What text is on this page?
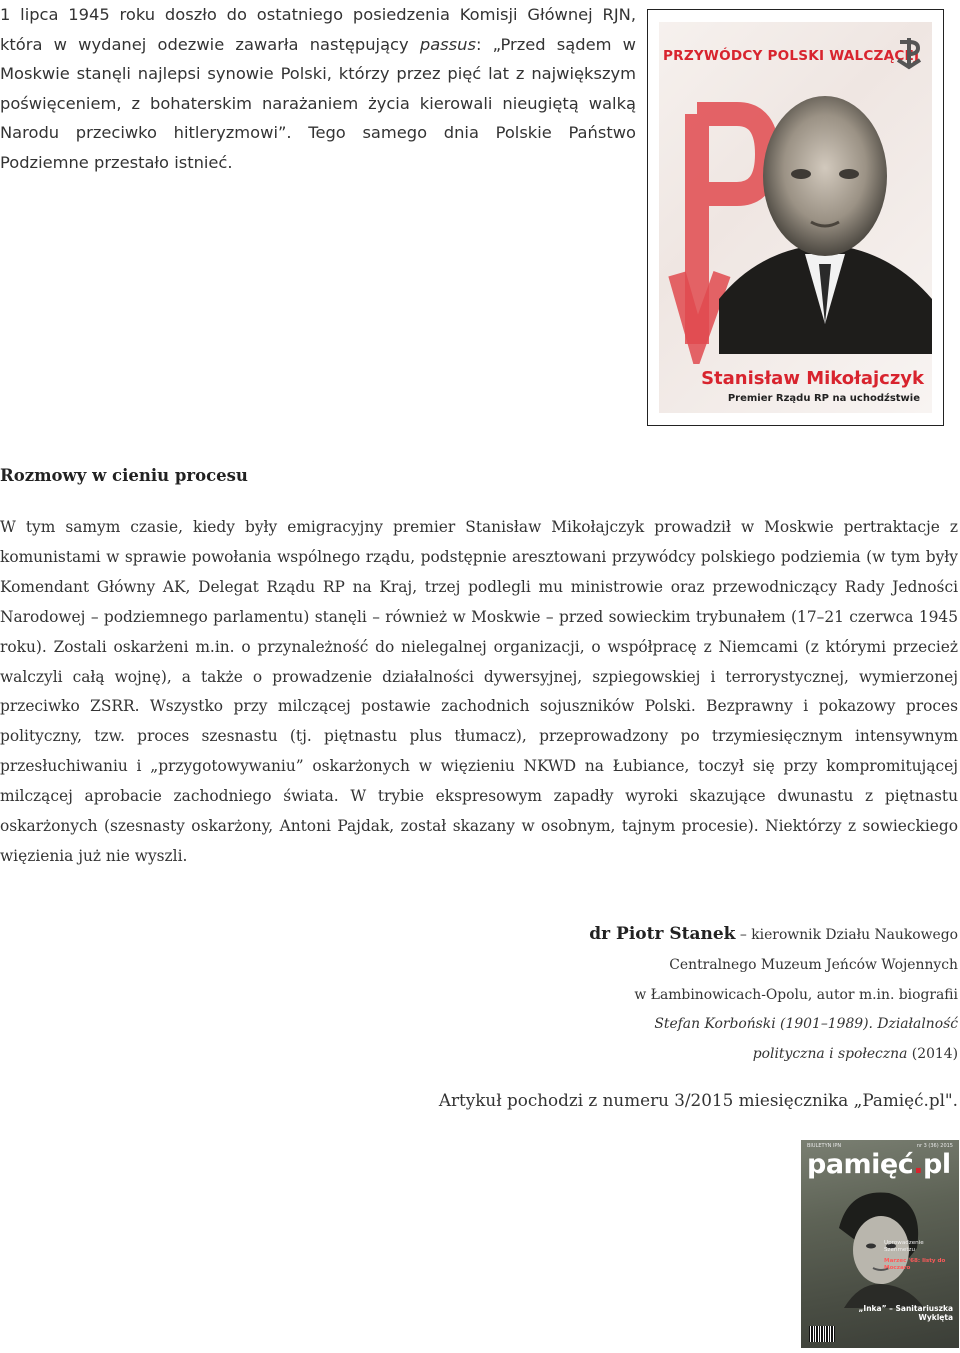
1 lipca 1945 roku doszło do ostatniego posiedzenia Komisji Głównej RJN, która w wydanej odezwie zawarła następujący passus: „Przed sądem w Moskwie stanęli najlepsi synowie Polski, którzy przez pięć lat z największym poświęceniem, z bohaterskim narażaniem życia kierowali nieugiętą walką Narodu przeciwko hitleryzmowi”. Tego samego dnia Polskie Państwo Podziemne przestało istnieć.

PRZYWÓDCY POLSKI WALCZĄCEJ
Stanisław Mikołajczyk
Premier Rządu RP na uchodźstwie
Rozmowy w cieniu procesu

W tym samym czasie, kiedy były emigracyjny premier Stanisław Mikołajczyk prowadził w Moskwie pertraktacje z komunistami w sprawie powołania wspólnego rządu, podstępnie aresztowani przywódcy polskiego podziemia (w tym były Komendant Główny AK, Delegat Rządu RP na Kraj, trzej podlegli mu ministrowie oraz przewodniczący Rady Jedności Narodowej – podziemnego parlamentu) stanęli – również w Moskwie – przed sowieckim trybunałem (17–21 czerwca 1945 roku). Zostali oskarżeni m.in. o przynależność do nielegalnej organizacji, o współpracę z Niemcami (z którymi przecież walczyli całą wojnę), a także o prowadzenie działalności dywersyjnej, szpiegowskiej i terrorystycznej, wymierzonej przeciwko ZSRR. Wszystko przy milczącej postawie zachodnich sojuszników Polski. Bezprawny i pokazowy proces polityczny, tzw. proces szesnastu (tj. piętnastu plus tłumacz), przeprowadzony po trzymiesięcznym intensywnym przesłuchiwaniu i „przygotowywaniu” oskarżonych w więzieniu NKWD na Łubiance, toczył się przy kompromitującej milczącej aprobacie zachodniego świata. W trybie ekspresowym zapadły wyroki skazujące dwunastu z piętnastu oskarżonych (szesnasty oskarżony, Antoni Pajdak, został skazany w osobnym, tajnym procesie). Niektórzy z sowieckiego więzienia już nie wyszli.

dr Piotr Stanek – kierownik Działu Naukowego
Centralnego Muzeum Jeńców Wojennych
w Łambinowicach-Opolu, autor m.in. biografii
Stefan Korboński (1901–1989). Działalność
polityczna i społeczna (2014)
Artykuł pochodzi z numeru 3/2015 miesięcznika „Pamięć.pl".
BIULETYN IPN	nr 3 (36) 2015
pamięć.pl
Uprowadzenie Szenmetzu
Marzec '68: listy do Moczaro
„Inka” – Sanitariuszka
Wyklęta
